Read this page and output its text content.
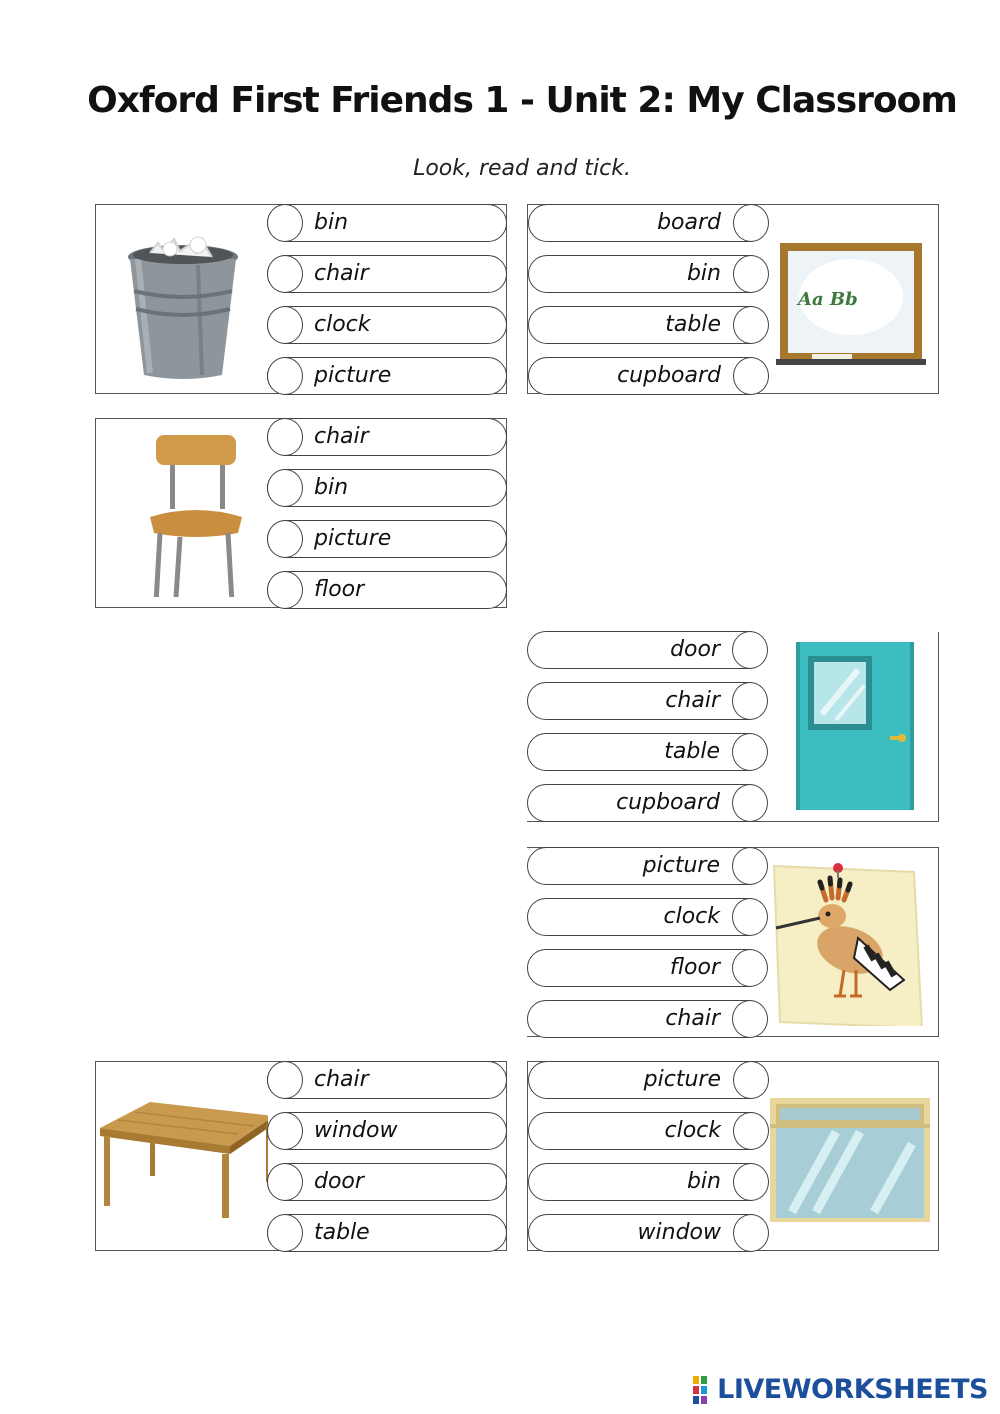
Oxford First Friends 1 - Unit 2: My Classroom

Look, read and tick.

bin
chair
clock
picture
Aa Bb
board
bin
table
cupboard
chair
bin
picture
floor
door
chair
table
cupboard
picture
clock
floor
chair
chair
window
door
table
picture
clock
bin
window
LIVEWORKSHEETS
